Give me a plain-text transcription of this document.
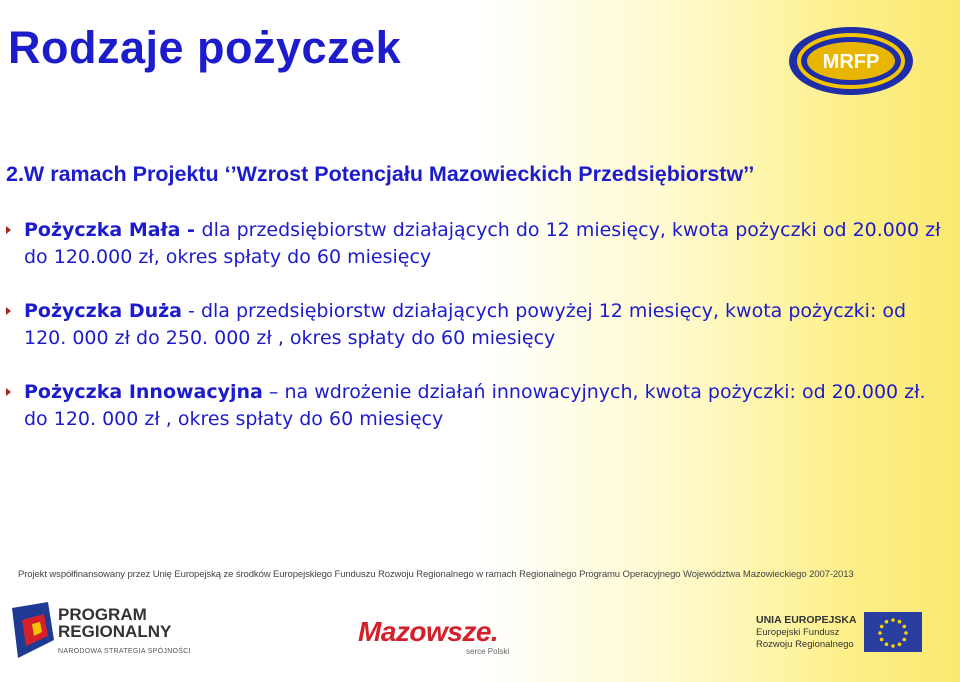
Rodzaje pożyczek	MRFP

2.W ramach Projektu ‘’Wzrost Potencjału Mazowieckich Przedsiębiorstw’’

Pożyczka Mała - dla przedsiębiorstw działających do 12 miesięcy, kwota pożyczki od 20.000 zł do 120.000 zł, okres spłaty do 60 miesięcy
Pożyczka Duża - dla przedsiębiorstw działających powyżej 12 miesięcy, kwota pożyczki: od 120. 000 zł do 250. 000 zł , okres spłaty do 60 miesięcy
Pożyczka Innowacyjna – na wdrożenie działań innowacyjnych, kwota pożyczki: od 20.000 zł. do 120. 000 zł , okres spłaty do 60 miesięcy
Projekt współfinansowany przez Unię Europejską ze środków Europejskiego Funduszu Rozwoju Regionalnego w ramach Regionalnego Programu Operacyjnego Województwa Mazowieckiego 2007-2013
PROGRAM
REGIONALNY
NARODOWA STRATEGIA SPÓJNOŚCI
Mazowsze.
serce Polski
UNIA EUROPEJSKA
Europejski Fundusz
Rozwoju Regionalnego
